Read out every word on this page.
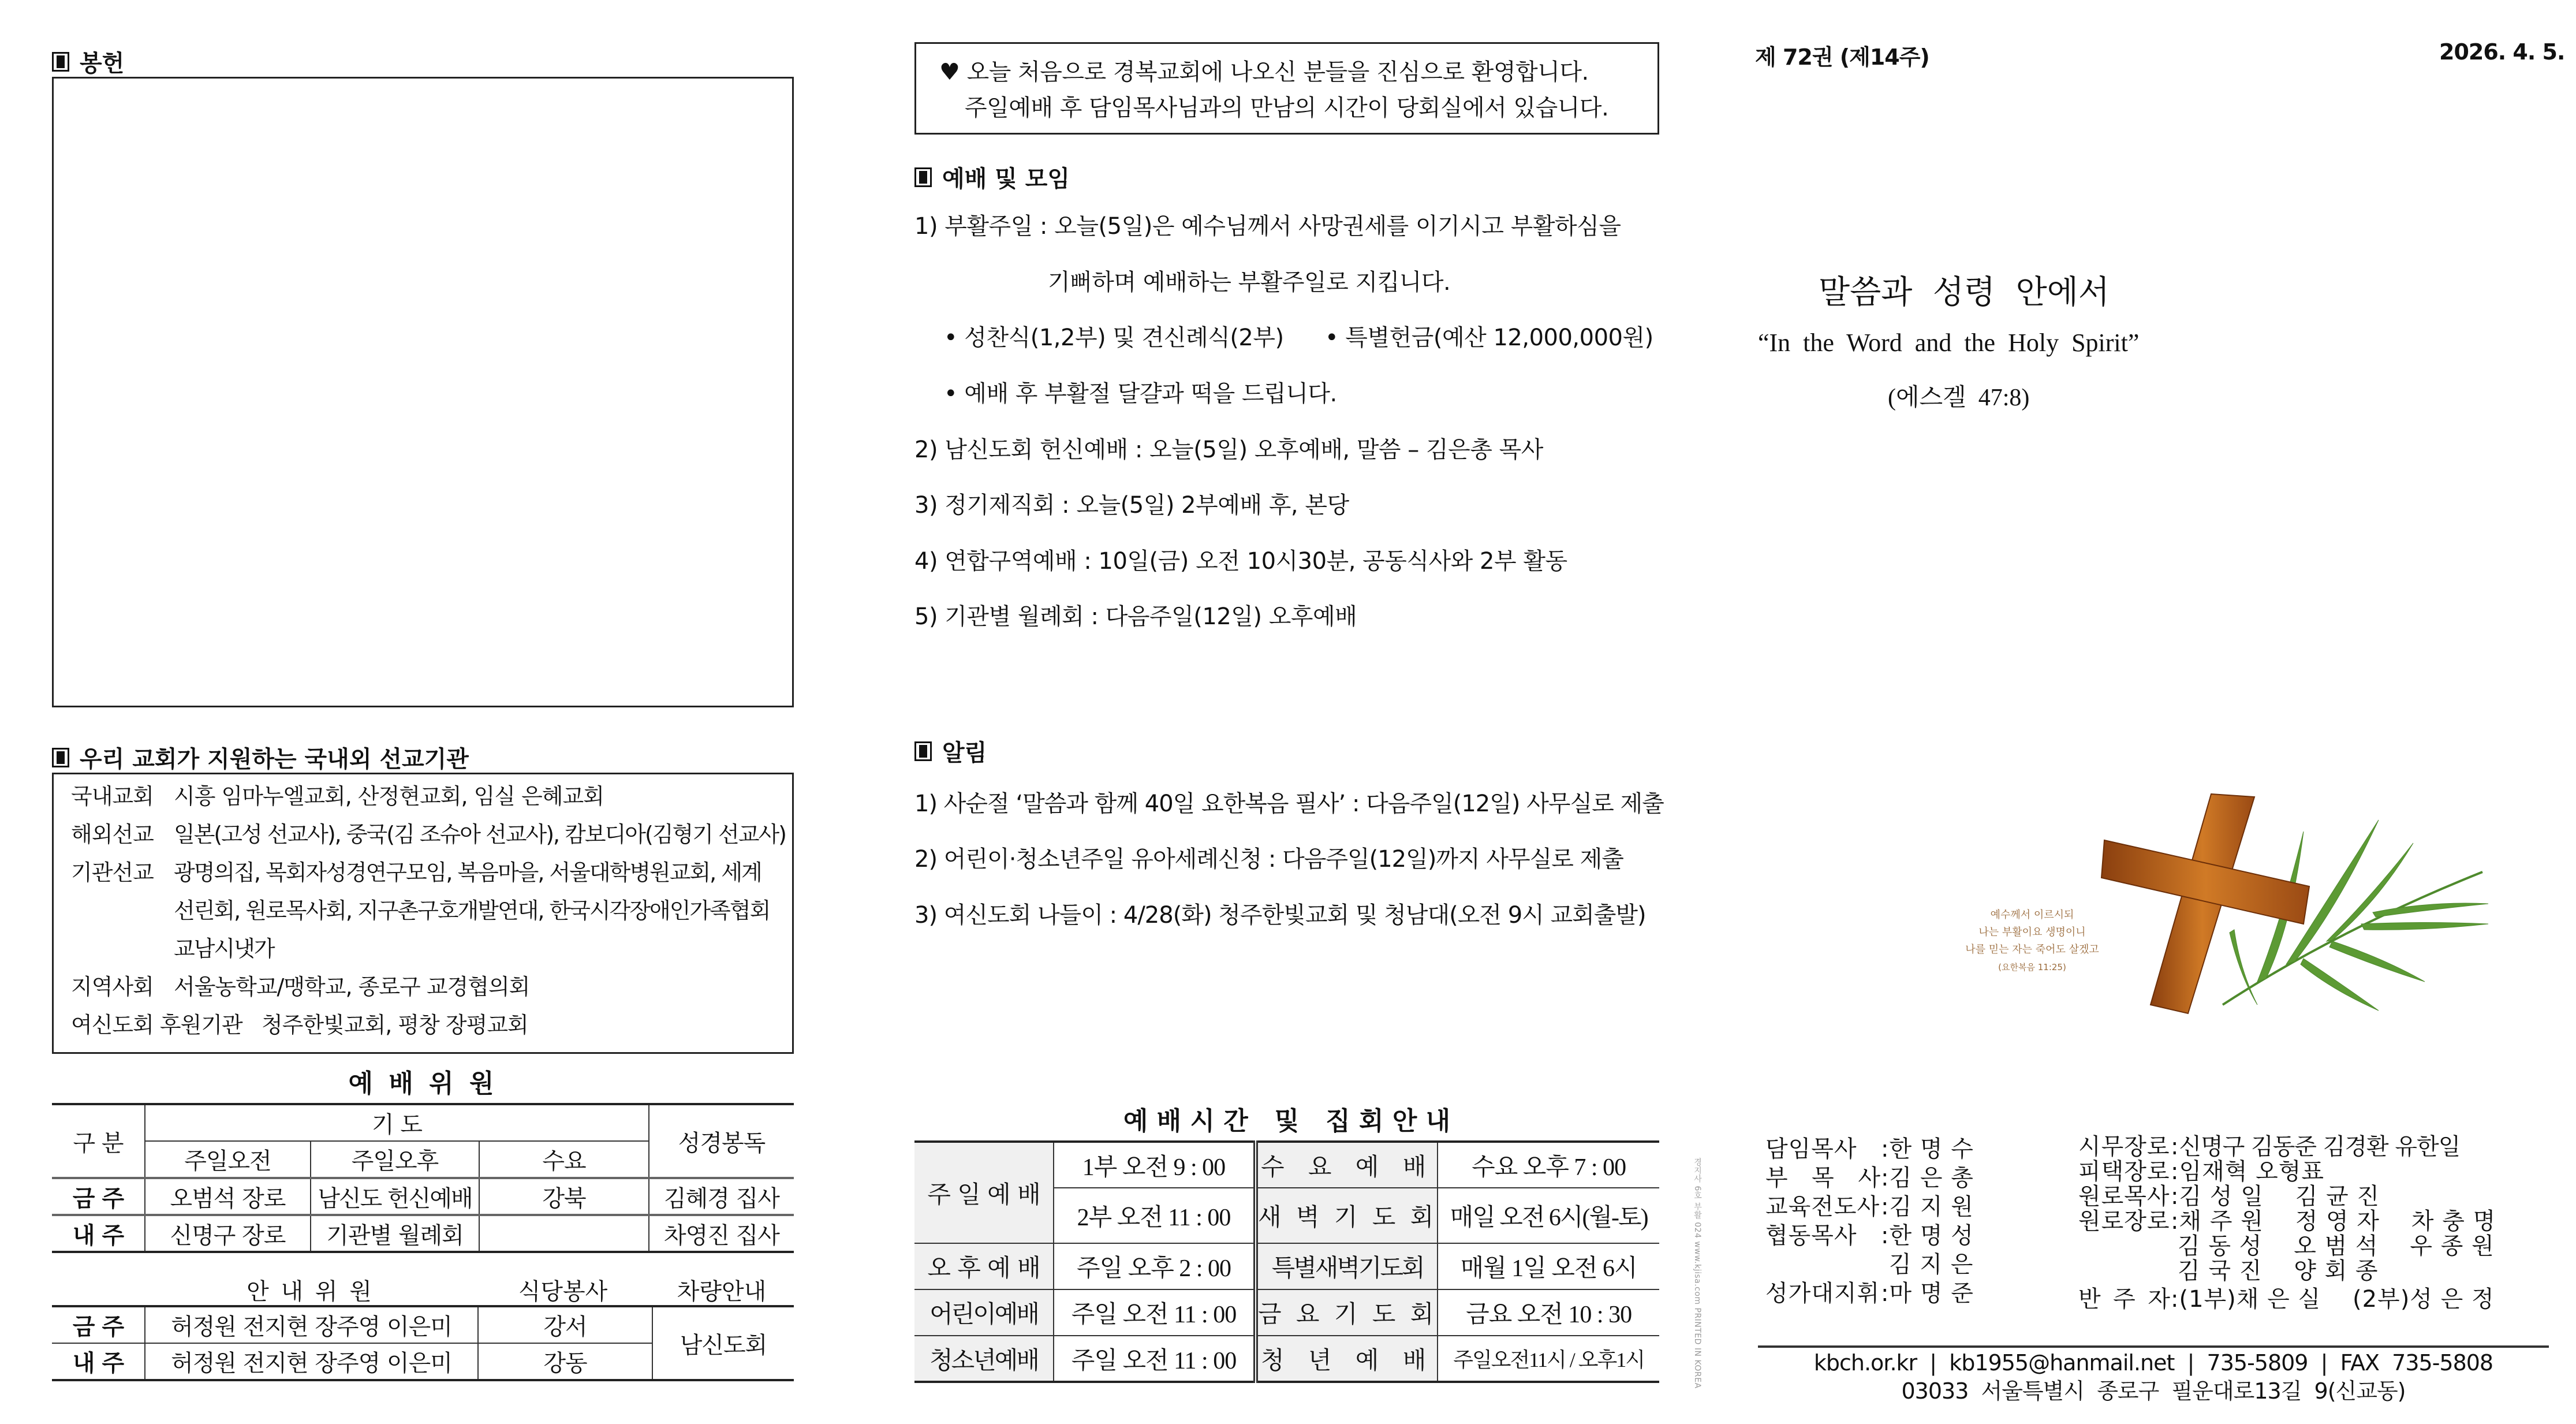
봉헌
우리 교회가 지원하는 국내외 선교기관
국내교회 시흥 임마누엘교회, 산정현교회, 임실 은혜교회
해외선교 일본(고성 선교사), 중국(김 조슈아 선교사), 캄보디아(김형기 선교사)
기관선교 광명의집, 목회자성경연구모임, 복음마을, 서울대학병원교회, 세계선린회, 원로목사회, 지구촌구호개발연대, 한국시각장애인가족협회교남시냇가
지역사회 서울농학교/맹학교, 종로구 교경협의회
여신도회 후원기관 청주한빛교회, 평창 장평교회
예 배 위 원
구 분	기 도			성경봉독
	주일오전	주일오후	수요	
금 주	오범석 장로	남신도 헌신예배	강북	김혜경 집사
내 주	신명구 장로	기관별 월례회		차영진 집사
안 내 위 원	식당봉사	차량안내
금 주	허정원 전지현 장주영 이은미	강서	남신도회
내 주	허정원 전지현 장주영 이은미	강동	
♥ 오늘 처음으로 경복교회에 나오신 분들을 진심으로 환영합니다.
주일예배 후 담임목사님과의 만남의 시간이 당회실에서 있습니다.
예배 및 모임
1) 부활주일 : 오늘(5일)은 예수님께서 사망권세를 이기시고 부활하심을
기뻐하며 예배하는 부활주일로 지킵니다.
• 성찬식(1,2부) 및 견신례식(2부) • 특별헌금(예산 12,000,000원)
• 예배 후 부활절 달걀과 떡을 드립니다.
2) 남신도회 헌신예배 : 오늘(5일) 오후예배, 말씀 – 김은총 목사
3) 정기제직회 : 오늘(5일) 2부예배 후, 본당
4) 연합구역예배 : 10일(금) 오전 10시30분, 공동식사와 2부 활동
5) 기관별 월례회 : 다음주일(12일) 오후예배
알림
1) 사순절 ‘말씀과 함께 40일 요한복음 필사’ : 다음주일(12일) 사무실로 제출
2) 어린이·청소년주일 유아세례신청 : 다음주일(12일)까지 사무실로 제출
3) 여신도회 나들이 : 4/28(화) 청주한빛교회 및 청남대(오전 9시 교회출발)
예 배 시 간   및   집 회 안 내
주 일 예 배	1부 오전 9 : 00	수 요 예 배	수요 오후 7 : 00
	2부 오전 11 : 00	새 벽 기 도 회	매일 오전 6시(월-토)
오 후 예 배	주일 오후 2 : 00	특별새벽기도회	매월 1일 오전 6시
어린이예배	주일 오전 11 : 00	금 요 기 도 회	금요 오전 10 : 30
청소년예배	주일 오전 11 : 00	청 년 예 배	주일오전11시 / 오후1시	경지사 6호 부활 024 www.kjisa.com PRINTED IN KOREA
제 72권 (제14주)	2026. 4. 5.
말씀과  성령  안에서
“In  the  Word  and  the  Holy  Spirit”
(에스겔  47:8)
예수께서 이르시되
나는 부활이요 생명이니
나를 믿는 자는 죽어도 살겠고
(요한복음 11:25)
담임목사	: 한 명 수
부 목 사 : 김 은 총
교육전도사 : 김 지 원
협동목사	: 한 명 성
김 지 은
성가대지휘 : 마 명 준
시무장로 : 신명구 김동준 김경환 유한일
피택장로 : 임재혁 오형표
원로목사 : 김 성 일    김 균 진
원로장로 : 채 주 원    정 영 자    차 충 명
김 동 성    오 범 석    우 종 원
김 국 진    양 회 종
반 주 자 : (1부)채 은 실    (2부)성 은 정
kbch.or.kr  |  kb1955@hanmail.net  |  735-5809  |  FAX  735-5808
03033  서울특별시  종로구  필운대로13길  9(신교동)
